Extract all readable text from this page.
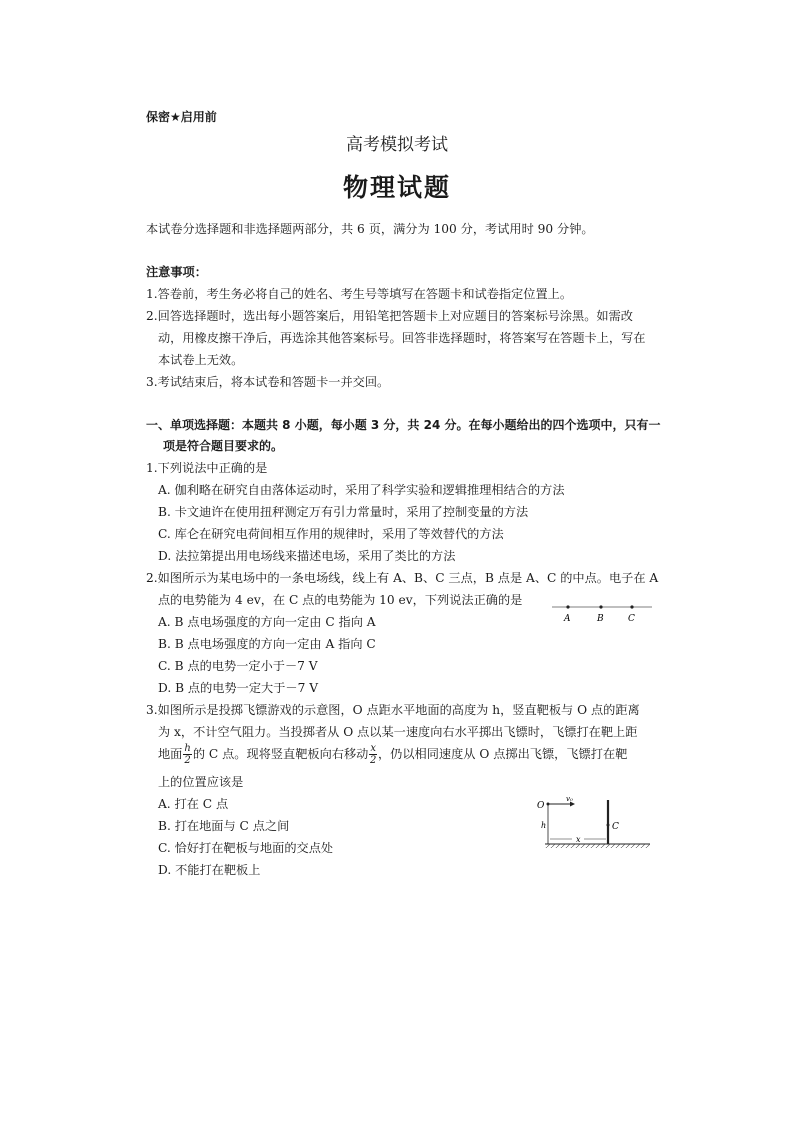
保密★启用前
高考模拟考试
物理试题
本试卷分选择题和非选择题两部分，共 6 页，满分为 100 分，考试用时 90 分钟。
注意事项：
1.答卷前，考生务必将自己的姓名、考生号等填写在答题卡和试卷指定位置上。
2.回答选择题时，选出每小题答案后，用铅笔把答题卡上对应题目的答案标号涂黑。如需改
动，用橡皮擦干净后，再选涂其他答案标号。回答非选择题时，将答案写在答题卡上，写在
本试卷上无效。
3.考试结束后，将本试卷和答题卡一并交回。
一、单项选择题：本题共 8 小题，每小题 3 分，共 24 分。在每小题给出的四个选项中，只有一
项是符合题目要求的。
1.下列说法中正确的是
A. 伽利略在研究自由落体运动时，采用了科学实验和逻辑推理相结合的方法
B. 卡文迪许在使用扭秤测定万有引力常量时，采用了控制变量的方法
C. 库仑在研究电荷间相互作用的规律时，采用了等效替代的方法
D. 法拉第提出用电场线来描述电场，采用了类比的方法
2.如图所示为某电场中的一条电场线，线上有 A、B、C 三点，B 点是 A、C 的中点。电子在 A
点的电势能为 4 ev，在 C 点的电势能为 10 ev，下列说法正确的是
A. B 点电场强度的方向一定由 C 指向 A
B. B 点电场强度的方向一定由 A 指向 C
C. B 点的电势一定小于－7 V
D. B 点的电势一定大于－7 V
A	B	C
3.如图所示是投掷飞镖游戏的示意图，O 点距水平地面的高度为 h，竖直靶板与 O 点的距离
为 x，不计空气阻力。当投掷者从 O 点以某一速度向右水平掷出飞镖时，飞镖打在靶上距
地面 $\frac{h}{2}$ 的 C 点。现将竖直靶板向右移动 $\frac{x}{2}$ ，仍以相同速度从 O 点掷出飞镖，飞镖打在靶
上的位置应该是
A. 打在 C 点
B. 打在地面与 C 点之间
C. 恰好打在靶板与地面的交点处
D. 不能打在靶板上
O
v₀
h
x
C
